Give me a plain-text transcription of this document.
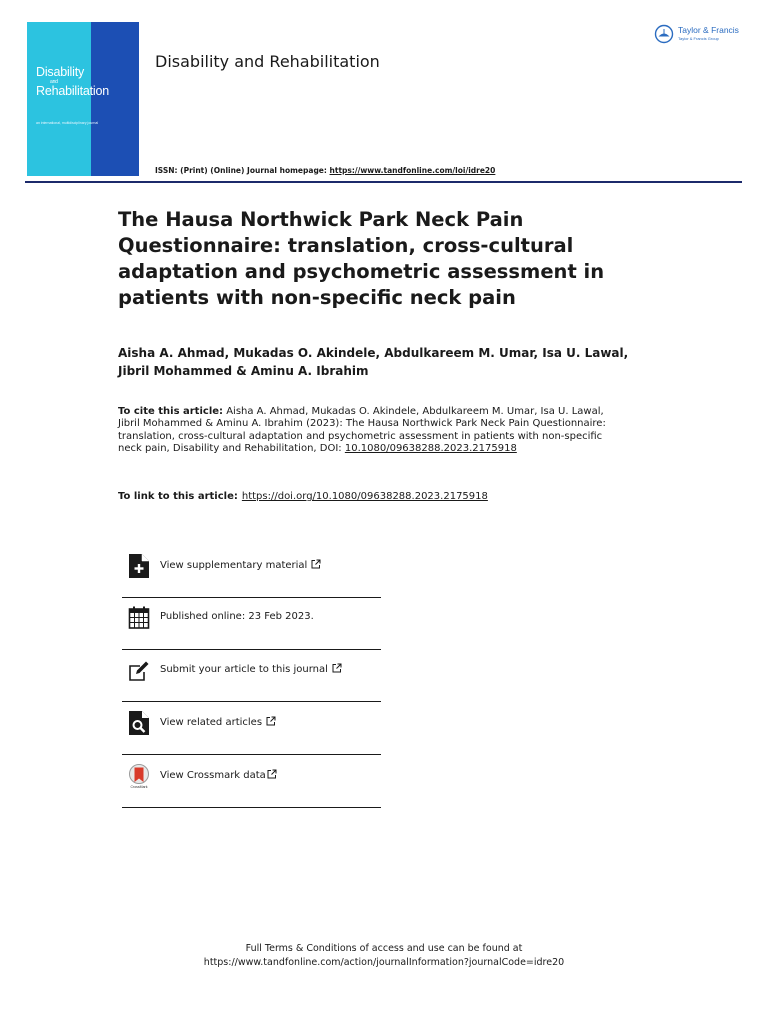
Disability
and
Rehabilitation
an international, multidisciplinary journal
Disability and Rehabilitation
Taylor & Francis
Taylor & Francis Group
ISSN: (Print) (Online) Journal homepage: https://www.tandfonline.com/loi/idre20
The Hausa Northwick Park Neck Pain Questionnaire: translation, cross-cultural adaptation and psychometric assessment in patients with non-specific neck pain
Aisha A. Ahmad, Mukadas O. Akindele, Abdulkareem M. Umar, Isa U. Lawal, Jibril Mohammed & Aminu A. Ibrahim
To cite this article: Aisha A. Ahmad, Mukadas O. Akindele, Abdulkareem M. Umar, Isa U. Lawal, Jibril Mohammed & Aminu A. Ibrahim (2023): The Hausa Northwick Park Neck Pain Questionnaire: translation, cross-cultural adaptation and psychometric assessment in patients with non-specific neck pain, Disability and Rehabilitation, DOI: 10.1080/09638288.2023.2175918
To link to this article: https://doi.org/10.1080/09638288.2023.2175918
View supplementary material
Published online: 23 Feb 2023.
Submit your article to this journal
View related articles
CrossMark
View Crossmark data
Full Terms & Conditions of access and use can be found at
https://www.tandfonline.com/action/journalInformation?journalCode=idre20
